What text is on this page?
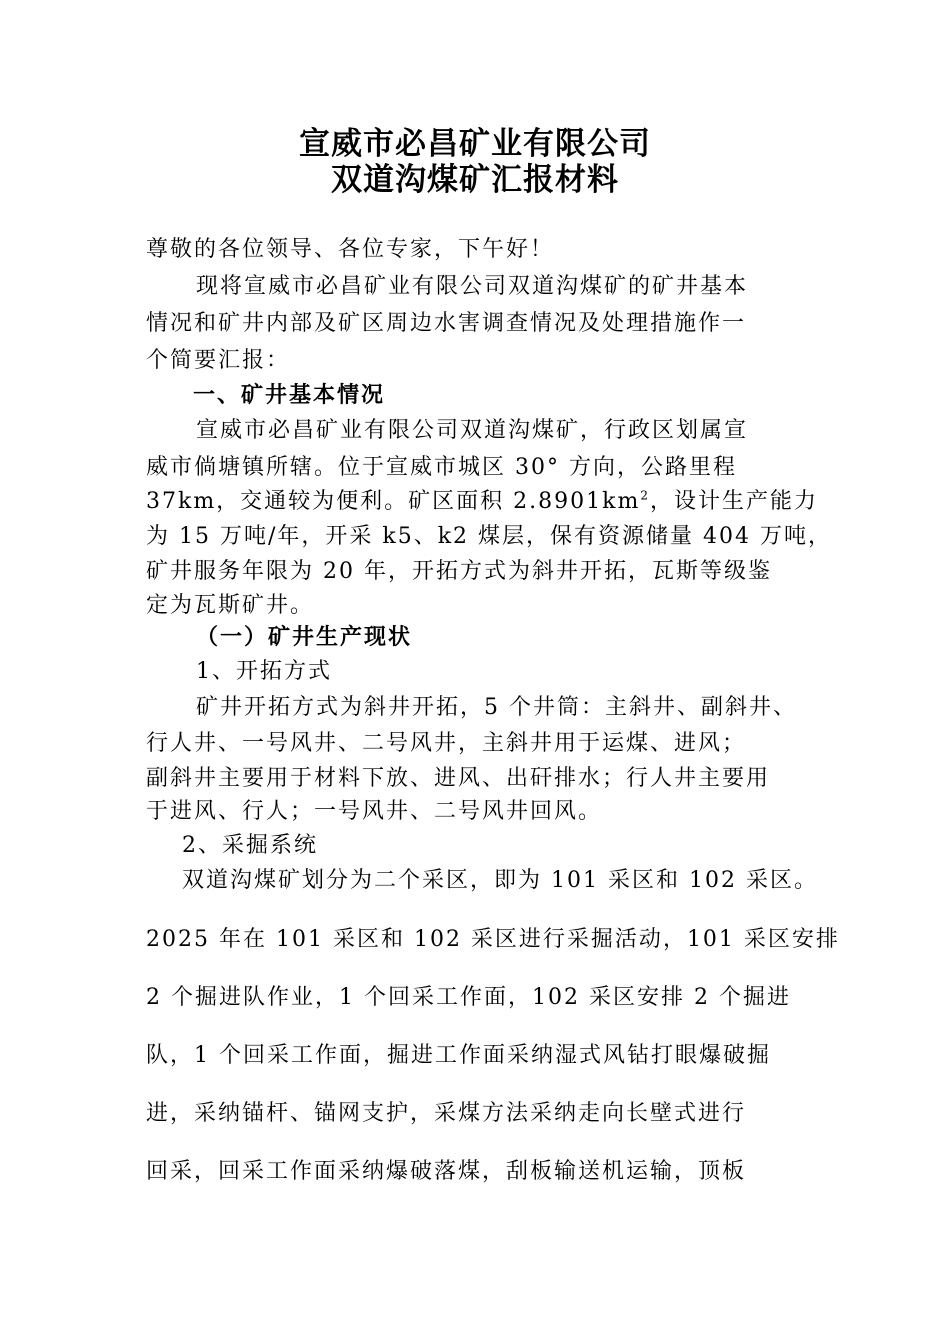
宣威市必昌矿业有限公司
双道沟煤矿汇报材料
尊敬的各位领导、各位专家，下午好！
现将宣威市必昌矿业有限公司双道沟煤矿的矿井基本
情况和矿井内部及矿区周边水害调查情况及处理措施作一
个简要汇报：
一、矿井基本情况
宣威市必昌矿业有限公司双道沟煤矿，行政区划属宣
威市倘塘镇所辖。位于宣威市城区 30° 方向，公路里程
37km，交通较为便利。矿区面积 $2.8901km^2$，设计生产能力
为 15 万吨/年，开采 k5、k2 煤层，保有资源储量 404 万吨，
矿井服务年限为 20 年，开拓方式为斜井开拓，瓦斯等级鉴
定为瓦斯矿井。
（一）矿井生产现状
1、开拓方式
矿井开拓方式为斜井开拓，5 个井筒：主斜井、副斜井、
行人井、一号风井、二号风井，主斜井用于运煤、进风；
副斜井主要用于材料下放、进风、出矸排水；行人井主要用
于进风、行人；一号风井、二号风井回风。
2、采掘系统
双道沟煤矿划分为二个采区，即为 101 采区和 102 采区。
2025 年在 101 采区和 102 采区进行采掘活动，101 采区安排
2 个掘进队作业，1 个回采工作面，102 采区安排 2 个掘进
队，1 个回采工作面，掘进工作面采纳湿式风钻打眼爆破掘
进，采纳锚杆、锚网支护，采煤方法采纳走向长壁式进行
回采，回采工作面采纳爆破落煤，刮板输送机运输，顶板
